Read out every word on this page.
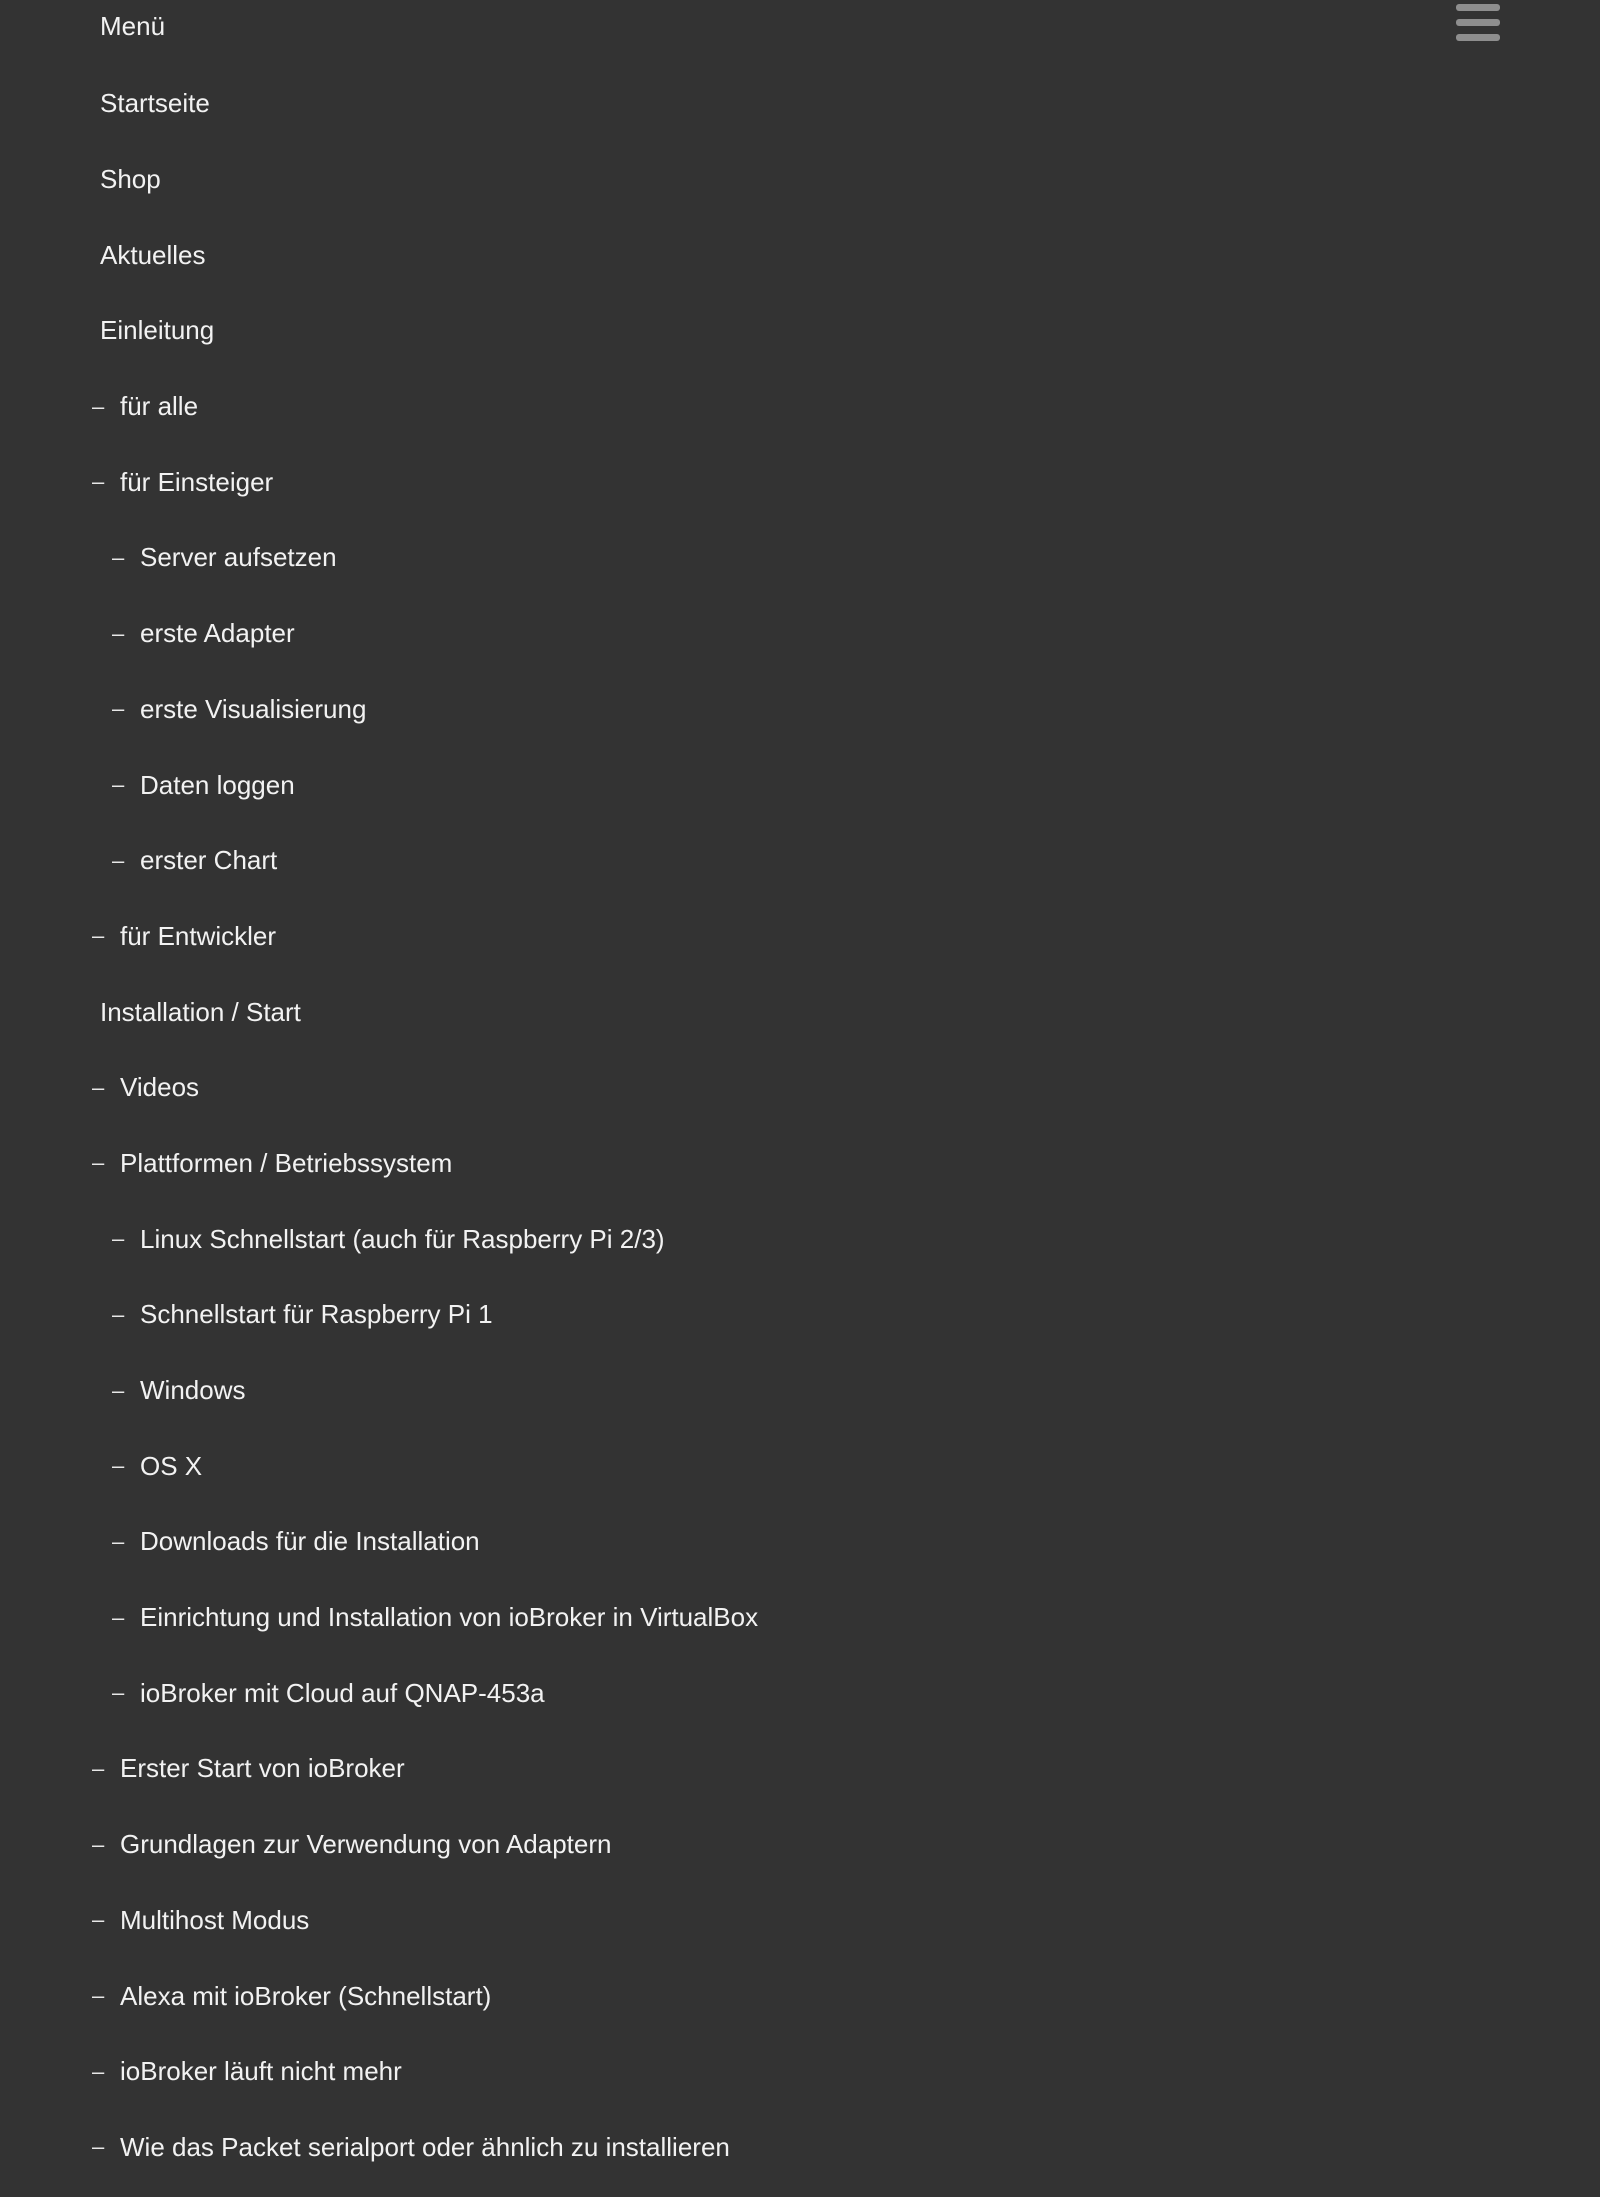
Menü
Startseite
Shop
Aktuelles
Einleitung
– für alle
– für Einsteiger
– Server aufsetzen
– erste Adapter
– erste Visualisierung
– Daten loggen
– erster Chart
– für Entwickler
Installation / Start
– Videos
– Plattformen / Betriebssystem
– Linux Schnellstart (auch für Raspberry Pi 2/3)
– Schnellstart für Raspberry Pi 1
– Windows
– OS X
– Downloads für die Installation
– Einrichtung und Installation von ioBroker in VirtualBox
– ioBroker mit Cloud auf QNAP-453a
– Erster Start von ioBroker
– Grundlagen zur Verwendung von Adaptern
– Multihost Modus
– Alexa mit ioBroker (Schnellstart)
– ioBroker läuft nicht mehr
– Wie das Packet serialport oder ähnlich zu installieren
